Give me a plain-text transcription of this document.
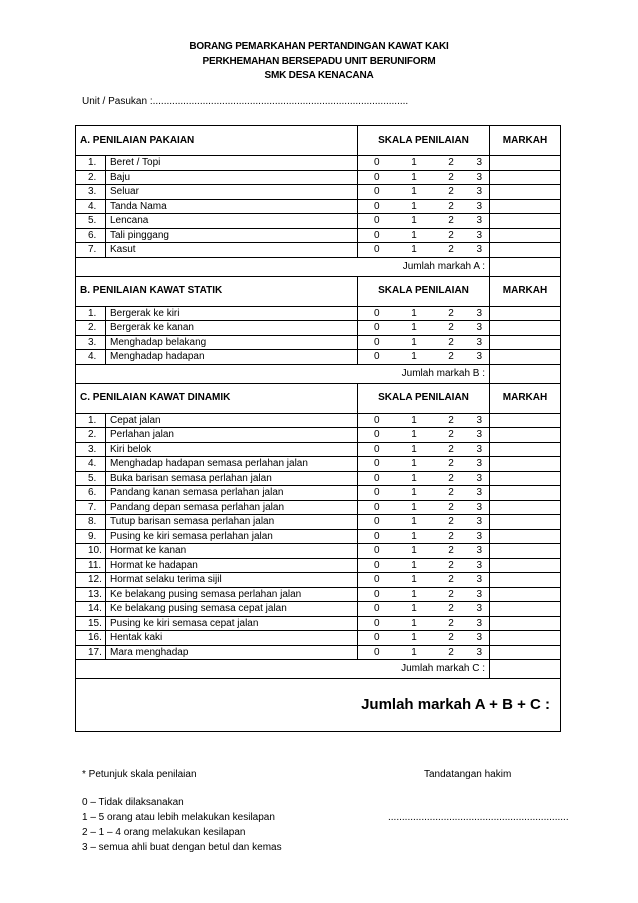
BORANG PEMARKAHAN PERTANDINGAN KAWAT KAKI
PERKHEMAHAN BERSEPADU UNIT BERUNIFORM
SMK DESA KENACANA
Unit / Pasukan :............................................................................................
A. PENILAIAN PAKAIAN		SKALA PENILAIAN				MARKAH
1.	Beret / Topi	0	1	2	3	
2.	Baju	0	1	2	3	
3.	Seluar	0	1	2	3	
4.	Tanda Nama	0	1	2	3	
5.	Lencana	0	1	2	3	
6.	Tali pinggang	0	1	2	3	
7.	Kasut	0	1	2	3	
Jumlah markah A :						
B. PENILAIAN KAWAT STATIK		SKALA PENILAIAN				MARKAH
1.	Bergerak ke kiri	0	1	2	3	
2.	Bergerak ke kanan	0	1	2	3	
3.	Menghadap belakang	0	1	2	3	
4.	Menghadap hadapan	0	1	2	3	
Jumlah markah B :						
C. PENILAIAN KAWAT DINAMIK		SKALA PENILAIAN				MARKAH
1.	Cepat jalan	0	1	2	3	
2.	Perlahan jalan	0	1	2	3	
3.	Kiri belok	0	1	2	3	
4.	Menghadap hadapan semasa perlahan jalan	0	1	2	3	
5.	Buka barisan semasa perlahan jalan	0	1	2	3	
6.	Pandang kanan semasa perlahan jalan	0	1	2	3	
7.	Pandang depan semasa perlahan jalan	0	1	2	3	
8.	Tutup barisan semasa perlahan jalan	0	1	2	3	
9.	Pusing ke kiri semasa perlahan jalan	0	1	2	3	
10.	Hormat ke kanan	0	1	2	3	
11.	Hormat ke hadapan	0	1	2	3	
12.	Hormat selaku terima sijil	0	1	2	3	
13.	Ke belakang pusing semasa perlahan jalan	0	1	2	3	
14.	Ke belakang pusing semasa cepat jalan	0	1	2	3	
15.	Pusing ke kiri semasa cepat jalan	0	1	2	3	
16.	Hentak kaki	0	1	2	3	
17.	Mara menghadap	0	1	2	3	
Jumlah markah C :						
Jumlah markah A + B + C :						
* Petunjuk skala penilaian	Tandatangan hakim
0 – Tidak dilaksanakan
1 – 5 orang atau lebih melakukan kesilapan
2 – 1 – 4 orang melakukan kesilapan
3 – semua ahli buat dengan betul dan kemas
.................................................................
